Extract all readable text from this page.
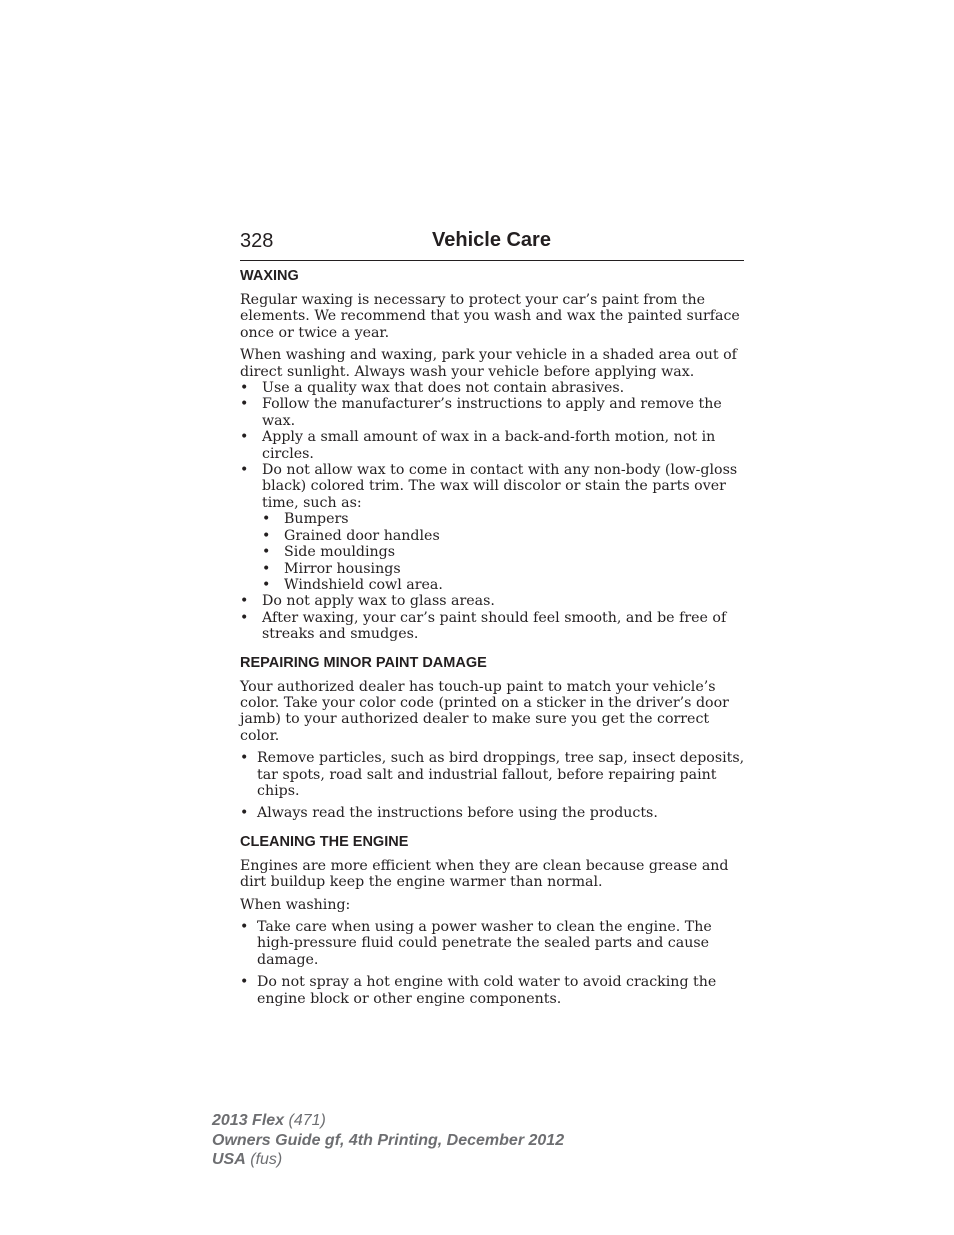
328	Vehicle Care
WAXING

Regular waxing is necessary to protect your car’s paint from the elements. We recommend that you wash and wax the painted surface once or twice a year.

When washing and waxing, park your vehicle in a shaded area out of direct sunlight. Always wash your vehicle before applying wax.

• Use a quality wax that does not contain abrasives.
• Follow the manufacturer’s instructions to apply and remove the wax.
• Apply a small amount of wax in a back-and-forth motion, not in circles.
• Do not allow wax to come in contact with any non-body (low-gloss black) colored trim. The wax will discolor or stain the parts over time, such as:
• Bumpers
• Grained door handles
• Side mouldings
• Mirror housings
• Windshield cowl area.
• Do not apply wax to glass areas.
• After waxing, your car’s paint should feel smooth, and be free of streaks and smudges.
REPAIRING MINOR PAINT DAMAGE

Your authorized dealer has touch-up paint to match your vehicle’s color. Take your color code (printed on a sticker in the driver’s door jamb) to your authorized dealer to make sure you get the correct color.

• Remove particles, such as bird droppings, tree sap, insect deposits, tar spots, road salt and industrial fallout, before repairing paint chips.
• Always read the instructions before using the products.
CLEANING THE ENGINE

Engines are more efficient when they are clean because grease and dirt buildup keep the engine warmer than normal.

When washing:

• Take care when using a power washer to clean the engine. The high-pressure fluid could penetrate the sealed parts and cause damage.
• Do not spray a hot engine with cold water to avoid cracking the engine block or other engine components.
2013 Flex (471)
Owners Guide gf, 4th Printing, December 2012
USA (fus)
